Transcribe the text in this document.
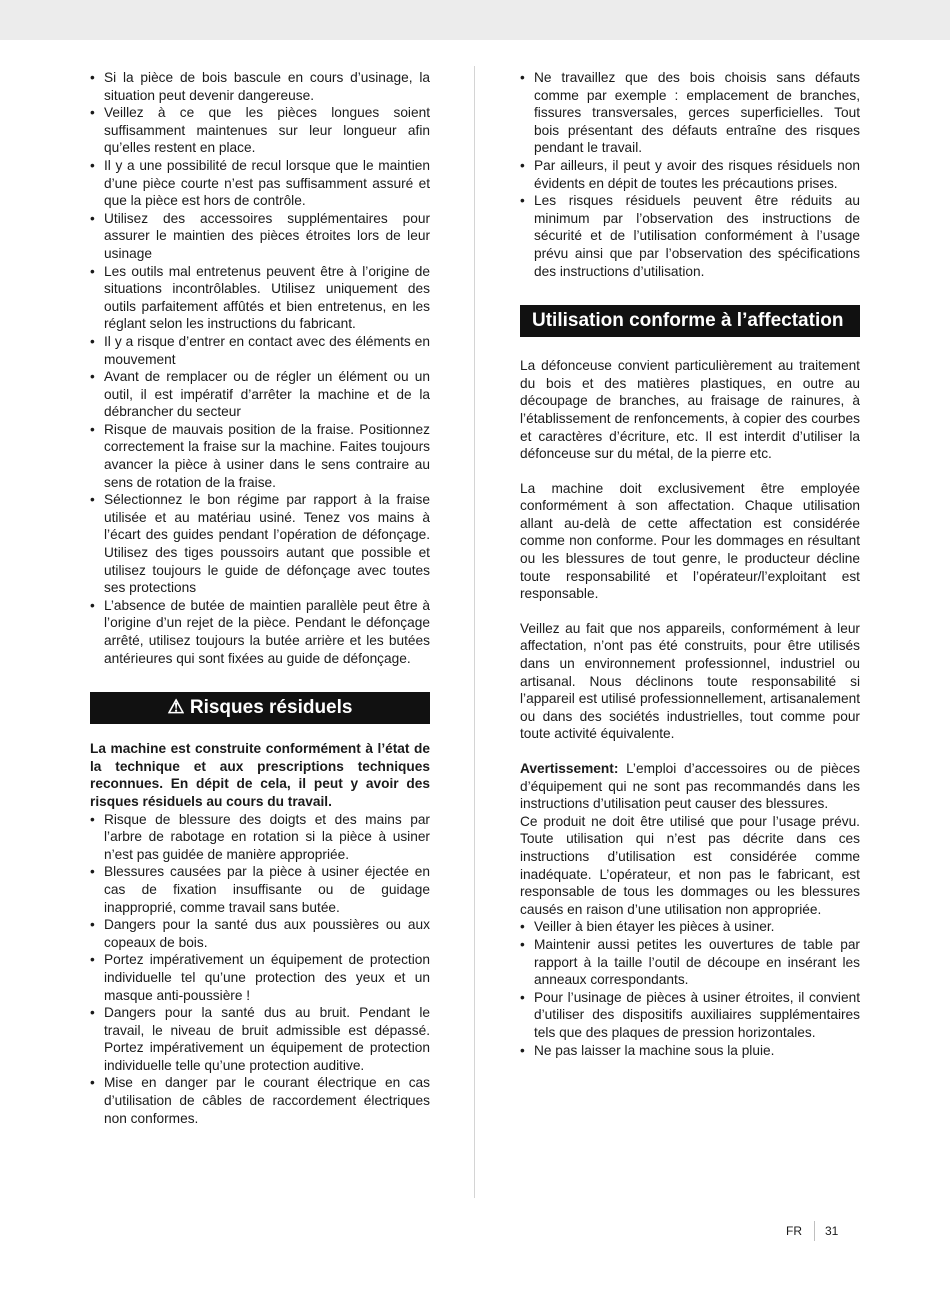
• Si la pièce de bois bascule en cours d’usinage, la situation peut devenir dangereuse.
• Veillez à ce que les pièces longues soient suffisamment maintenues sur leur longueur afin qu’elles restent en place.
• Il y a une possibilité de recul lorsque que le maintien d’une pièce courte n’est pas suffisamment assuré et que la pièce est hors de contrôle.
• Utilisez des accessoires supplémentaires pour assurer le maintien des pièces étroites lors de leur usinage
• Les outils mal entretenus peuvent être à l’origine de situations incontrôlables. Utilisez uniquement des outils parfaitement affûtés et bien entretenus, en les réglant selon les instructions du fabricant.
• Il y a risque d’entrer en contact avec des éléments en mouvement
• Avant de remplacer ou de régler un élément ou un outil, il est impératif d’arrêter la machine et de la débrancher du secteur
• Risque de mauvais position de la fraise. Positionnez correctement la fraise sur la machine. Faites toujours avancer la pièce à usiner dans le sens contraire au sens de rotation de la fraise.
• Sélectionnez le bon régime par rapport à la fraise utilisée et au matériau usiné. Tenez vos mains à l’écart des guides pendant l’opération de défonçage. Utilisez des tiges poussoirs autant que possible et utilisez toujours le guide de défonçage avec toutes ses protections
• L’absence de butée de maintien parallèle peut être à l’origine d’un rejet de la pièce. Pendant le défonçage arrêté, utilisez toujours la butée arrière et les butées antérieures qui sont fixées au guide de défonçage.
⚠ Risques résiduels

La machine est construite conformément à l’état de la technique et aux prescriptions techniques reconnues. En dépit de cela, il peut y avoir des risques résiduels au cours du travail.

• Risque de blessure des doigts et des mains par l’arbre de rabotage en rotation si la pièce à usiner n’est pas guidée de manière appropriée.
• Blessures causées par la pièce à usiner éjectée en cas de fixation insuffisante ou de guidage inapproprié, comme travail sans butée.
• Dangers pour la santé dus aux poussières ou aux copeaux de bois.
• Portez impérativement un équipement de protection individuelle tel qu’une protection des yeux et un masque anti-poussière !
• Dangers pour la santé dus au bruit. Pendant le travail, le niveau de bruit admissible est dépassé. Portez impérativement un équipement de protection individuelle telle qu’une protection auditive.
• Mise en danger par le courant électrique en cas d’utilisation de câbles de raccordement électriques non conformes.
• Ne travaillez que des bois choisis sans défauts comme par exemple : emplacement de branches, fissures transversales, gerces superficielles. Tout bois présentant des défauts entraîne des risques pendant le travail.
• Par ailleurs, il peut y avoir des risques résiduels non évidents en dépit de toutes les précautions prises.
• Les risques résiduels peuvent être réduits au minimum par l’observation des instructions de sécurité et de l’utilisation conformément à l’usage prévu ainsi que par l’observation des spécifications des instructions d’utilisation.
Utilisation conforme à l’affectation

La défonceuse convient particulièrement au traitement du bois et des matières plastiques, en outre au découpage de branches, au fraisage de rainures, à l’établissement de renfoncements, à copier des courbes et caractères d’écriture, etc. Il est interdit d’utiliser la défonceuse sur du métal, de la pierre etc.

La machine doit exclusivement être employée conformément à son affectation. Chaque utilisation allant au-delà de cette affectation est considérée comme non conforme. Pour les dommages en résultant ou les blessures de tout genre, le producteur décline toute responsabilité et l’opérateur/l’exploitant est responsable.

Veillez au fait que nos appareils, conformément à leur affectation, n’ont pas été construits, pour être utilisés dans un environnement professionnel, industriel ou artisanal. Nous déclinons toute responsabilité si l’appareil est utilisé professionnellement, artisanalement ou dans des sociétés industrielles, tout comme pour toute activité équivalente.

Avertissement: L’emploi d’accessoires ou de pièces d’équipement qui ne sont pas recommandés dans les instructions d’utilisation peut causer des blessures.

Ce produit ne doit être utilisé que pour l’usage prévu. Toute utilisation qui n’est pas décrite dans ces instructions d’utilisation est considérée comme inadéquate. L’opérateur, et non pas le fabricant, est responsable de tous les dommages ou les blessures causés en raison d’une utilisation non appropriée.

• Veiller à bien étayer les pièces à usiner.
• Maintenir aussi petites les ouvertures de table par rapport à la taille l’outil de découpe en insérant les anneaux correspondants.
• Pour l’usinage de pièces à usiner étroites, il convient d’utiliser des dispositifs auxiliaires supplémentaires tels que des plaques de pression horizontales.
• Ne pas laisser la machine sous la pluie.
FR 31
